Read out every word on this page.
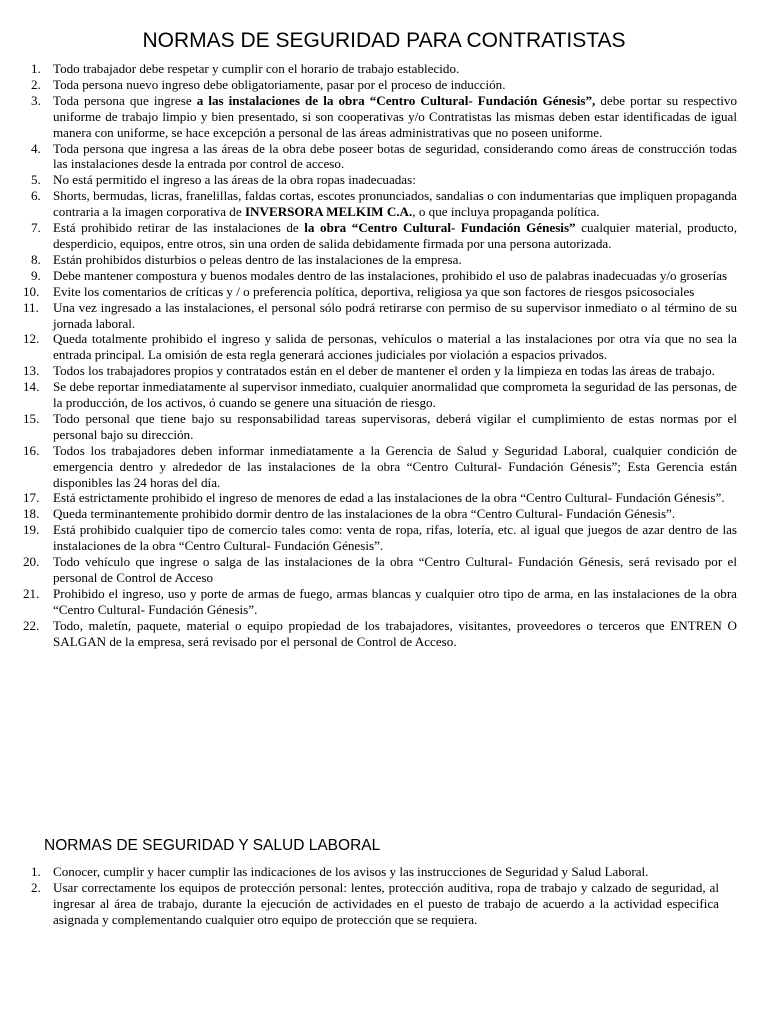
NORMAS DE SEGURIDAD PARA CONTRATISTAS
1. Todo trabajador debe respetar y cumplir con el horario de trabajo establecido.
2. Toda persona nuevo ingreso debe obligatoriamente, pasar por el proceso de inducción.
3. Toda persona que ingrese a las instalaciones de la obra “Centro Cultural- Fundación Génesis”, debe portar su respectivo uniforme de trabajo limpio y bien presentado, si son cooperativas y/o Contratistas las mismas deben estar identificadas de igual manera con uniforme, se hace excepción a personal de las áreas administrativas que no poseen uniforme.
4. Toda persona que ingresa a las áreas de la obra debe poseer botas de seguridad, considerando como áreas de construcción todas las instalaciones desde la entrada por control de acceso.
5. No está permitido el ingreso a las áreas de la obra ropas inadecuadas:
6. Shorts, bermudas, licras, franelillas, faldas cortas, escotes pronunciados, sandalias o con indumentarias que impliquen propaganda contraria a la imagen corporativa de INVERSORA MELKIM C.A., o que incluya propaganda política.
7. Está prohibido retirar de las instalaciones de la obra “Centro Cultural- Fundación Génesis” cualquier material, producto, desperdicio, equipos, entre otros, sin una orden de salida debidamente firmada por una persona autorizada.
8. Están prohibidos disturbios o peleas dentro de las instalaciones de la empresa.
9. Debe mantener compostura y buenos modales dentro de las instalaciones, prohibido el uso de palabras inadecuadas y/o groserías
10. Evite los comentarios de críticas y / o preferencia política, deportiva, religiosa ya que son factores de riesgos psicosociales
11. Una vez ingresado a las instalaciones, el personal sólo podrá retirarse con permiso de su supervisor inmediato o al término de su jornada laboral.
12. Queda totalmente prohibido el ingreso y salida de personas, vehículos o material a las instalaciones por otra vía que no sea la entrada principal. La omisión de esta regla generará acciones judiciales por violación a espacios privados.
13. Todos los trabajadores propios y contratados están en el deber de mantener el orden y la limpieza en todas las áreas de trabajo.
14. Se debe reportar inmediatamente al supervisor inmediato, cualquier anormalidad que comprometa la seguridad de las personas, de la producción, de los activos, ó cuando se genere una situación de riesgo.
15. Todo personal que tiene bajo su responsabilidad tareas supervisoras, deberá vigilar el cumplimiento de estas normas por el personal bajo su dirección.
16. Todos los trabajadores deben informar inmediatamente a la Gerencia de Salud y Seguridad Laboral, cualquier condición de emergencia dentro y alrededor de las instalaciones de la obra “Centro Cultural- Fundación Génesis”; Esta Gerencia están disponibles las 24 horas del día.
17. Está estrictamente prohibido el ingreso de menores de edad a las instalaciones de la obra “Centro Cultural- Fundación Génesis”.
18. Queda terminantemente prohibido dormir dentro de las instalaciones de la obra “Centro Cultural- Fundación Génesis”.
19. Está prohibido cualquier tipo de comercio tales como: venta de ropa, rifas, lotería, etc. al igual que juegos de azar dentro de las instalaciones de la obra “Centro Cultural- Fundación Génesis”.
20. Todo vehículo que ingrese o salga de las instalaciones de la obra “Centro Cultural- Fundación Génesis, será revisado por el personal de Control de Acceso
21. Prohibido el ingreso, uso y porte de armas de fuego, armas blancas y cualquier otro tipo de arma, en las instalaciones de la obra “Centro Cultural- Fundación Génesis”.
22. Todo, maletín, paquete, material o equipo propiedad de los trabajadores, visitantes, proveedores o terceros que ENTREN O SALGAN de la empresa, será revisado por el personal de Control de Acceso.
NORMAS DE SEGURIDAD Y SALUD LABORAL
1. Conocer, cumplir y hacer cumplir las indicaciones de los avisos y las instrucciones de Seguridad y Salud Laboral.
2. Usar correctamente los equipos de protección personal: lentes, protección auditiva, ropa de trabajo y calzado de seguridad, al ingresar al área de trabajo, durante la ejecución de actividades en el puesto de trabajo de acuerdo a la actividad especifica asignada y complementando cualquier otro equipo de protección que se requiera.
